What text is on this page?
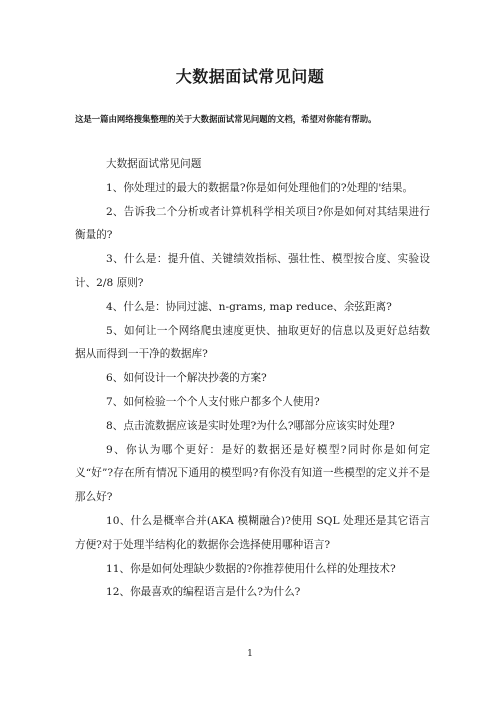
大数据面试常见问题
这是一篇由网络搜集整理的关于大数据面试常见问题的文档，希望对你能有帮助。

大数据面试常见问题

1、你处理过的最大的数据量?你是如何处理他们的?处理的'结果。

2、告诉我二个分析或者计算机科学相关项目?你是如何对其结果进行衡量的?

3、什么是：提升值、关键绩效指标、强壮性、模型按合度、实验设计、2/8 原则?

4、什么是：协同过滤、n-grams, map reduce、余弦距离?

5、如何让一个网络爬虫速度更快、抽取更好的信息以及更好总结数据从而得到一干净的数据库?

6、如何设计一个解决抄袭的方案?

7、如何检验一个个人支付账户都多个人使用?

8、点击流数据应该是实时处理?为什么?哪部分应该实时处理?

9、你认为哪个更好：是好的数据还是好模型?同时你是如何定义“好”?存在所有情况下通用的模型吗?有你没有知道一些模型的定义并不是那么好?

10、什么是概率合并(AKA 模糊融合)?使用 SQL 处理还是其它语言方便?对于处理半结构化的数据你会选择使用哪种语言?

11、你是如何处理缺少数据的?你推荐使用什么样的处理技术?

12、你最喜欢的编程语言是什么?为什么?

1
